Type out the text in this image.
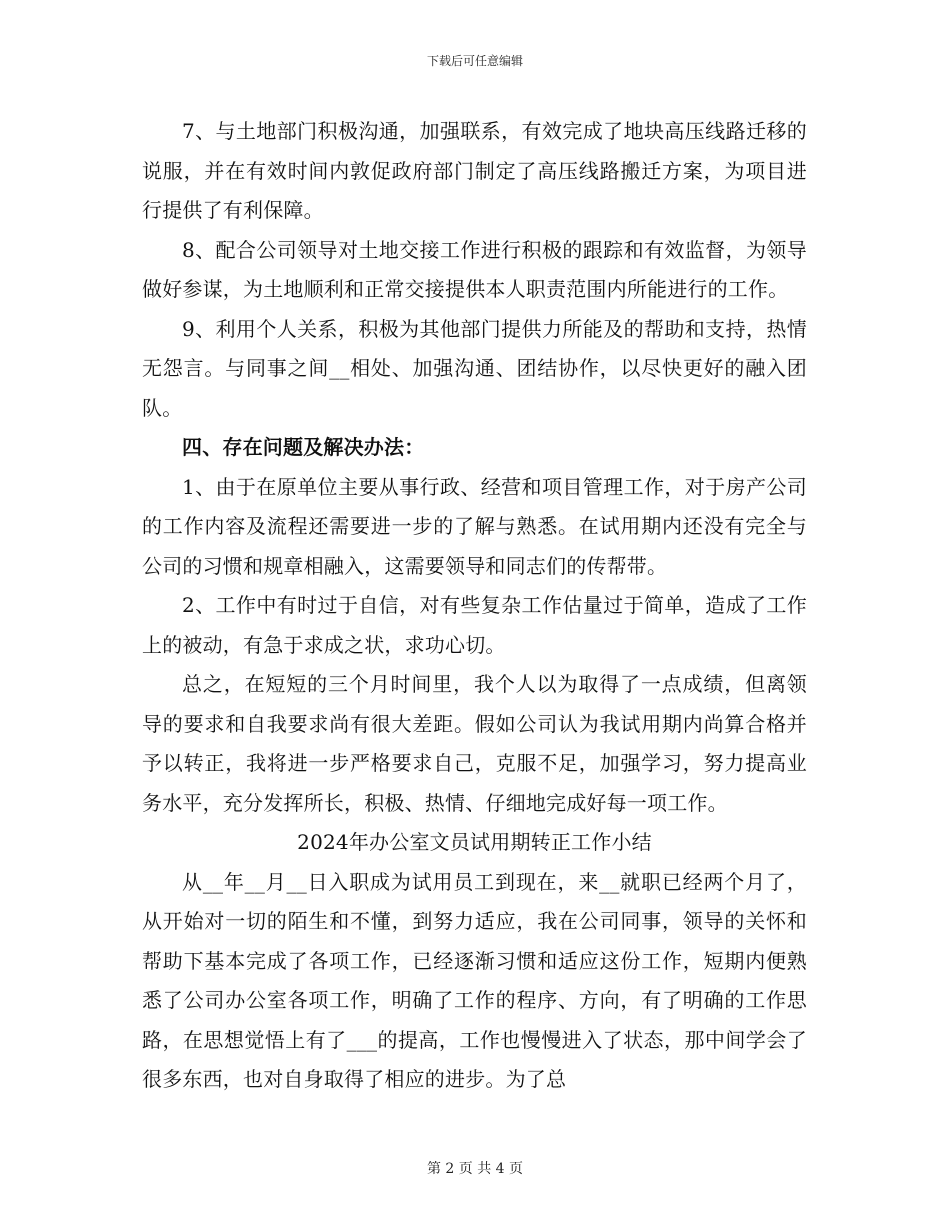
下载后可任意编辑

7、与土地部门积极沟通，加强联系，有效完成了地块高压线路迁移的说服，并在有效时间内敦促政府部门制定了高压线路搬迁方案，为项目进行提供了有利保障。

8、配合公司领导对土地交接工作进行积极的跟踪和有效监督，为领导做好参谋，为土地顺利和正常交接提供本人职责范围内所能进行的工作。

9、利用个人关系，积极为其他部门提供力所能及的帮助和支持，热情无怨言。与同事之间__相处、加强沟通、团结协作，以尽快更好的融入团队。

四、存在问题及解决办法：

1、由于在原单位主要从事行政、经营和项目管理工作，对于房产公司的工作内容及流程还需要进一步的了解与熟悉。在试用期内还没有完全与公司的习惯和规章相融入，这需要领导和同志们的传帮带。

2、工作中有时过于自信，对有些复杂工作估量过于简单，造成了工作上的被动，有急于求成之状，求功心切。

总之，在短短的三个月时间里，我个人以为取得了一点成绩，但离领导的要求和自我要求尚有很大差距。假如公司认为我试用期内尚算合格并予以转正，我将进一步严格要求自己，克服不足，加强学习，努力提高业务水平，充分发挥所长，积极、热情、仔细地完成好每一项工作。

2024年办公室文员试用期转正工作小结

从__年__月__日入职成为试用员工到现在，来__就职已经两个月了，从开始对一切的陌生和不懂，到努力适应，我在公司同事，领导的关怀和帮助下基本完成了各项工作，已经逐渐习惯和适应这份工作，短期内便熟悉了公司办公室各项工作，明确了工作的程序、方向，有了明确的工作思路，在思想觉悟上有了___的提高，工作也慢慢进入了状态，那中间学会了很多东西，也对自身取得了相应的进步。为了总

第 2 页 共 4 页
